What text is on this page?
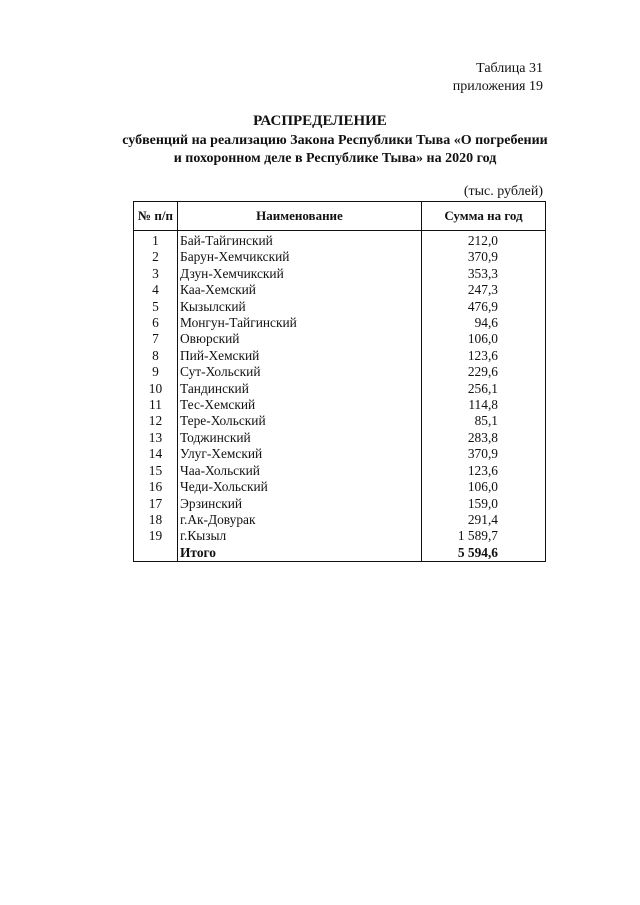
Таблица 31
приложения 19
РАСПРЕДЕЛЕНИЕ
субвенций на реализацию Закона Республики Тыва «О погребении и похоронном деле в Республике Тыва» на 2020 год
(тыс. рублей)
№ п/п	Наименование	Сумма на год
1	Бай-Тайгинский	212,0
2	Барун-Хемчикский	370,9
3	Дзун-Хемчикский	353,3
4	Каа-Хемский	247,3
5	Кызылский	476,9
6	Монгун-Тайгинский	94,6
7	Овюрский	106,0
8	Пий-Хемский	123,6
9	Сут-Хольский	229,6
10	Тандинский	256,1
11	Тес-Хемский	114,8
12	Тере-Хольский	85,1
13	Тоджинский	283,8
14	Улуг-Хемский	370,9
15	Чаа-Хольский	123,6
16	Чеди-Хольский	106,0
17	Эрзинский	159,0
18	г.Ак-Довурак	291,4
19	г.Кызыл	1 589,7
	Итого	5 594,6
